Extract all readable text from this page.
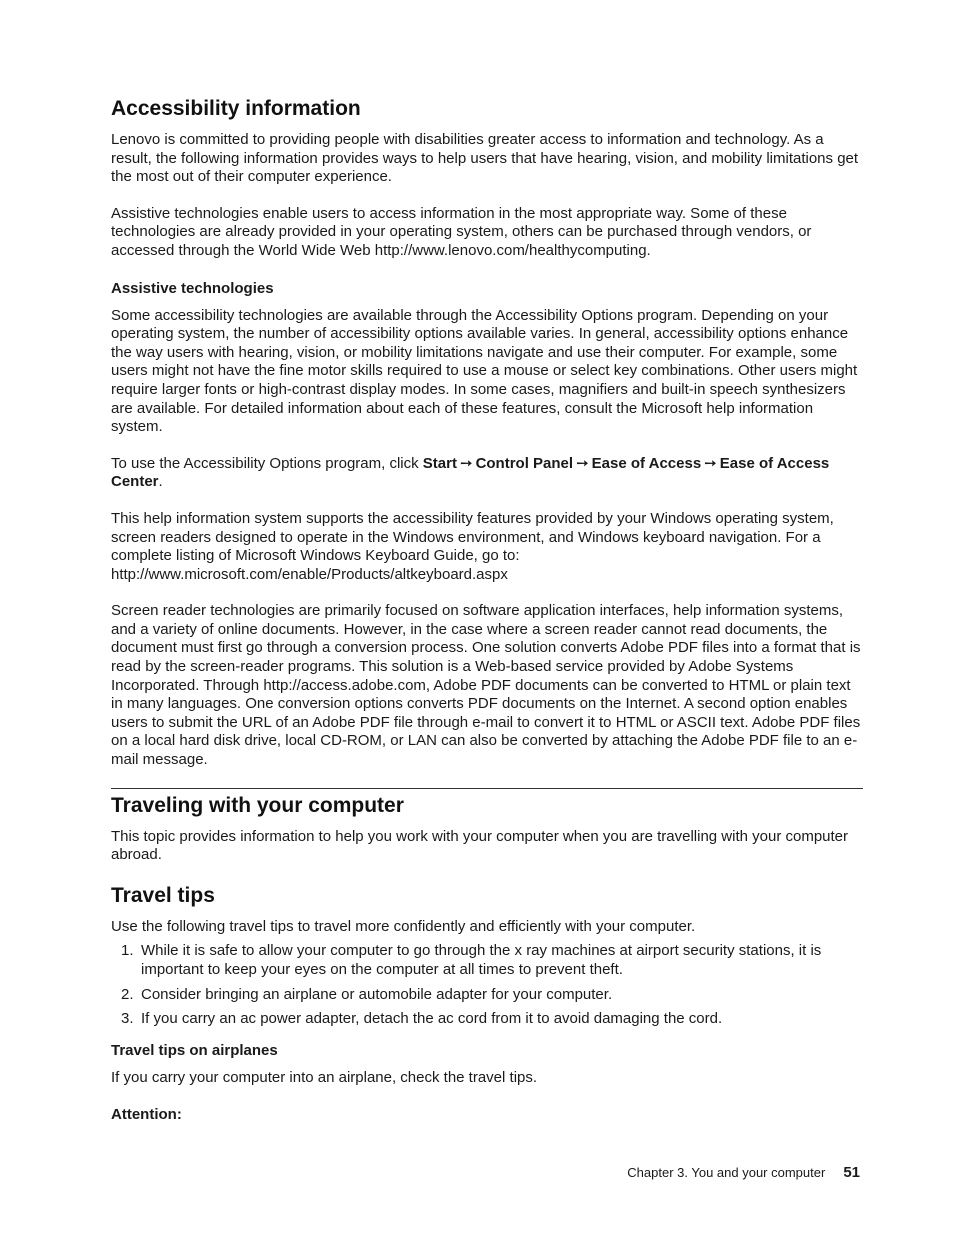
Accessibility information

Lenovo is committed to providing people with disabilities greater access to information and technology. As a result, the following information provides ways to help users that have hearing, vision, and mobility limitations get the most out of their computer experience.

Assistive technologies enable users to access information in the most appropriate way. Some of these technologies are already provided in your operating system, others can be purchased through vendors, or accessed through the World Wide Web http://www.lenovo.com/healthycomputing.

Assistive technologies

Some accessibility technologies are available through the Accessibility Options program. Depending on your operating system, the number of accessibility options available varies. In general, accessibility options enhance the way users with hearing, vision, or mobility limitations navigate and use their computer. For example, some users might not have the fine motor skills required to use a mouse or select key combinations. Other users might require larger fonts or high-contrast display modes. In some cases, magnifiers and built-in speech synthesizers are available. For detailed information about each of these features, consult the Microsoft help information system.

To use the Accessibility Options program, click Start ➙ Control Panel ➙ Ease of Access ➙ Ease of Access Center.

This help information system supports the accessibility features provided by your Windows operating system, screen readers designed to operate in the Windows environment, and Windows keyboard navigation. For a complete listing of Microsoft Windows Keyboard Guide, go to:
http://www.microsoft.com/enable/Products/altkeyboard.aspx

Screen reader technologies are primarily focused on software application interfaces, help information systems, and a variety of online documents. However, in the case where a screen reader cannot read documents, the document must first go through a conversion process. One solution converts Adobe PDF files into a format that is read by the screen-reader programs. This solution is a Web-based service provided by Adobe Systems Incorporated. Through http://access.adobe.com, Adobe PDF documents can be converted to HTML or plain text in many languages. One conversion options converts PDF documents on the Internet. A second option enables users to submit the URL of an Adobe PDF file through e-mail to convert it to HTML or ASCII text. Adobe PDF files on a local hard disk drive, local CD-ROM, or LAN can also be converted by attaching the Adobe PDF file to an e-mail message.

Traveling with your computer

This topic provides information to help you work with your computer when you are travelling with your computer abroad.

Travel tips

Use the following travel tips to travel more confidently and efficiently with your computer.

1. While it is safe to allow your computer to go through the x ray machines at airport security stations, it is important to keep your eyes on the computer at all times to prevent theft.
2. Consider bringing an airplane or automobile adapter for your computer.
3. If you carry an ac power adapter, detach the ac cord from it to avoid damaging the cord.
Travel tips on airplanes

If you carry your computer into an airplane, check the travel tips.

Attention:
Chapter 3. You and your computer 51
